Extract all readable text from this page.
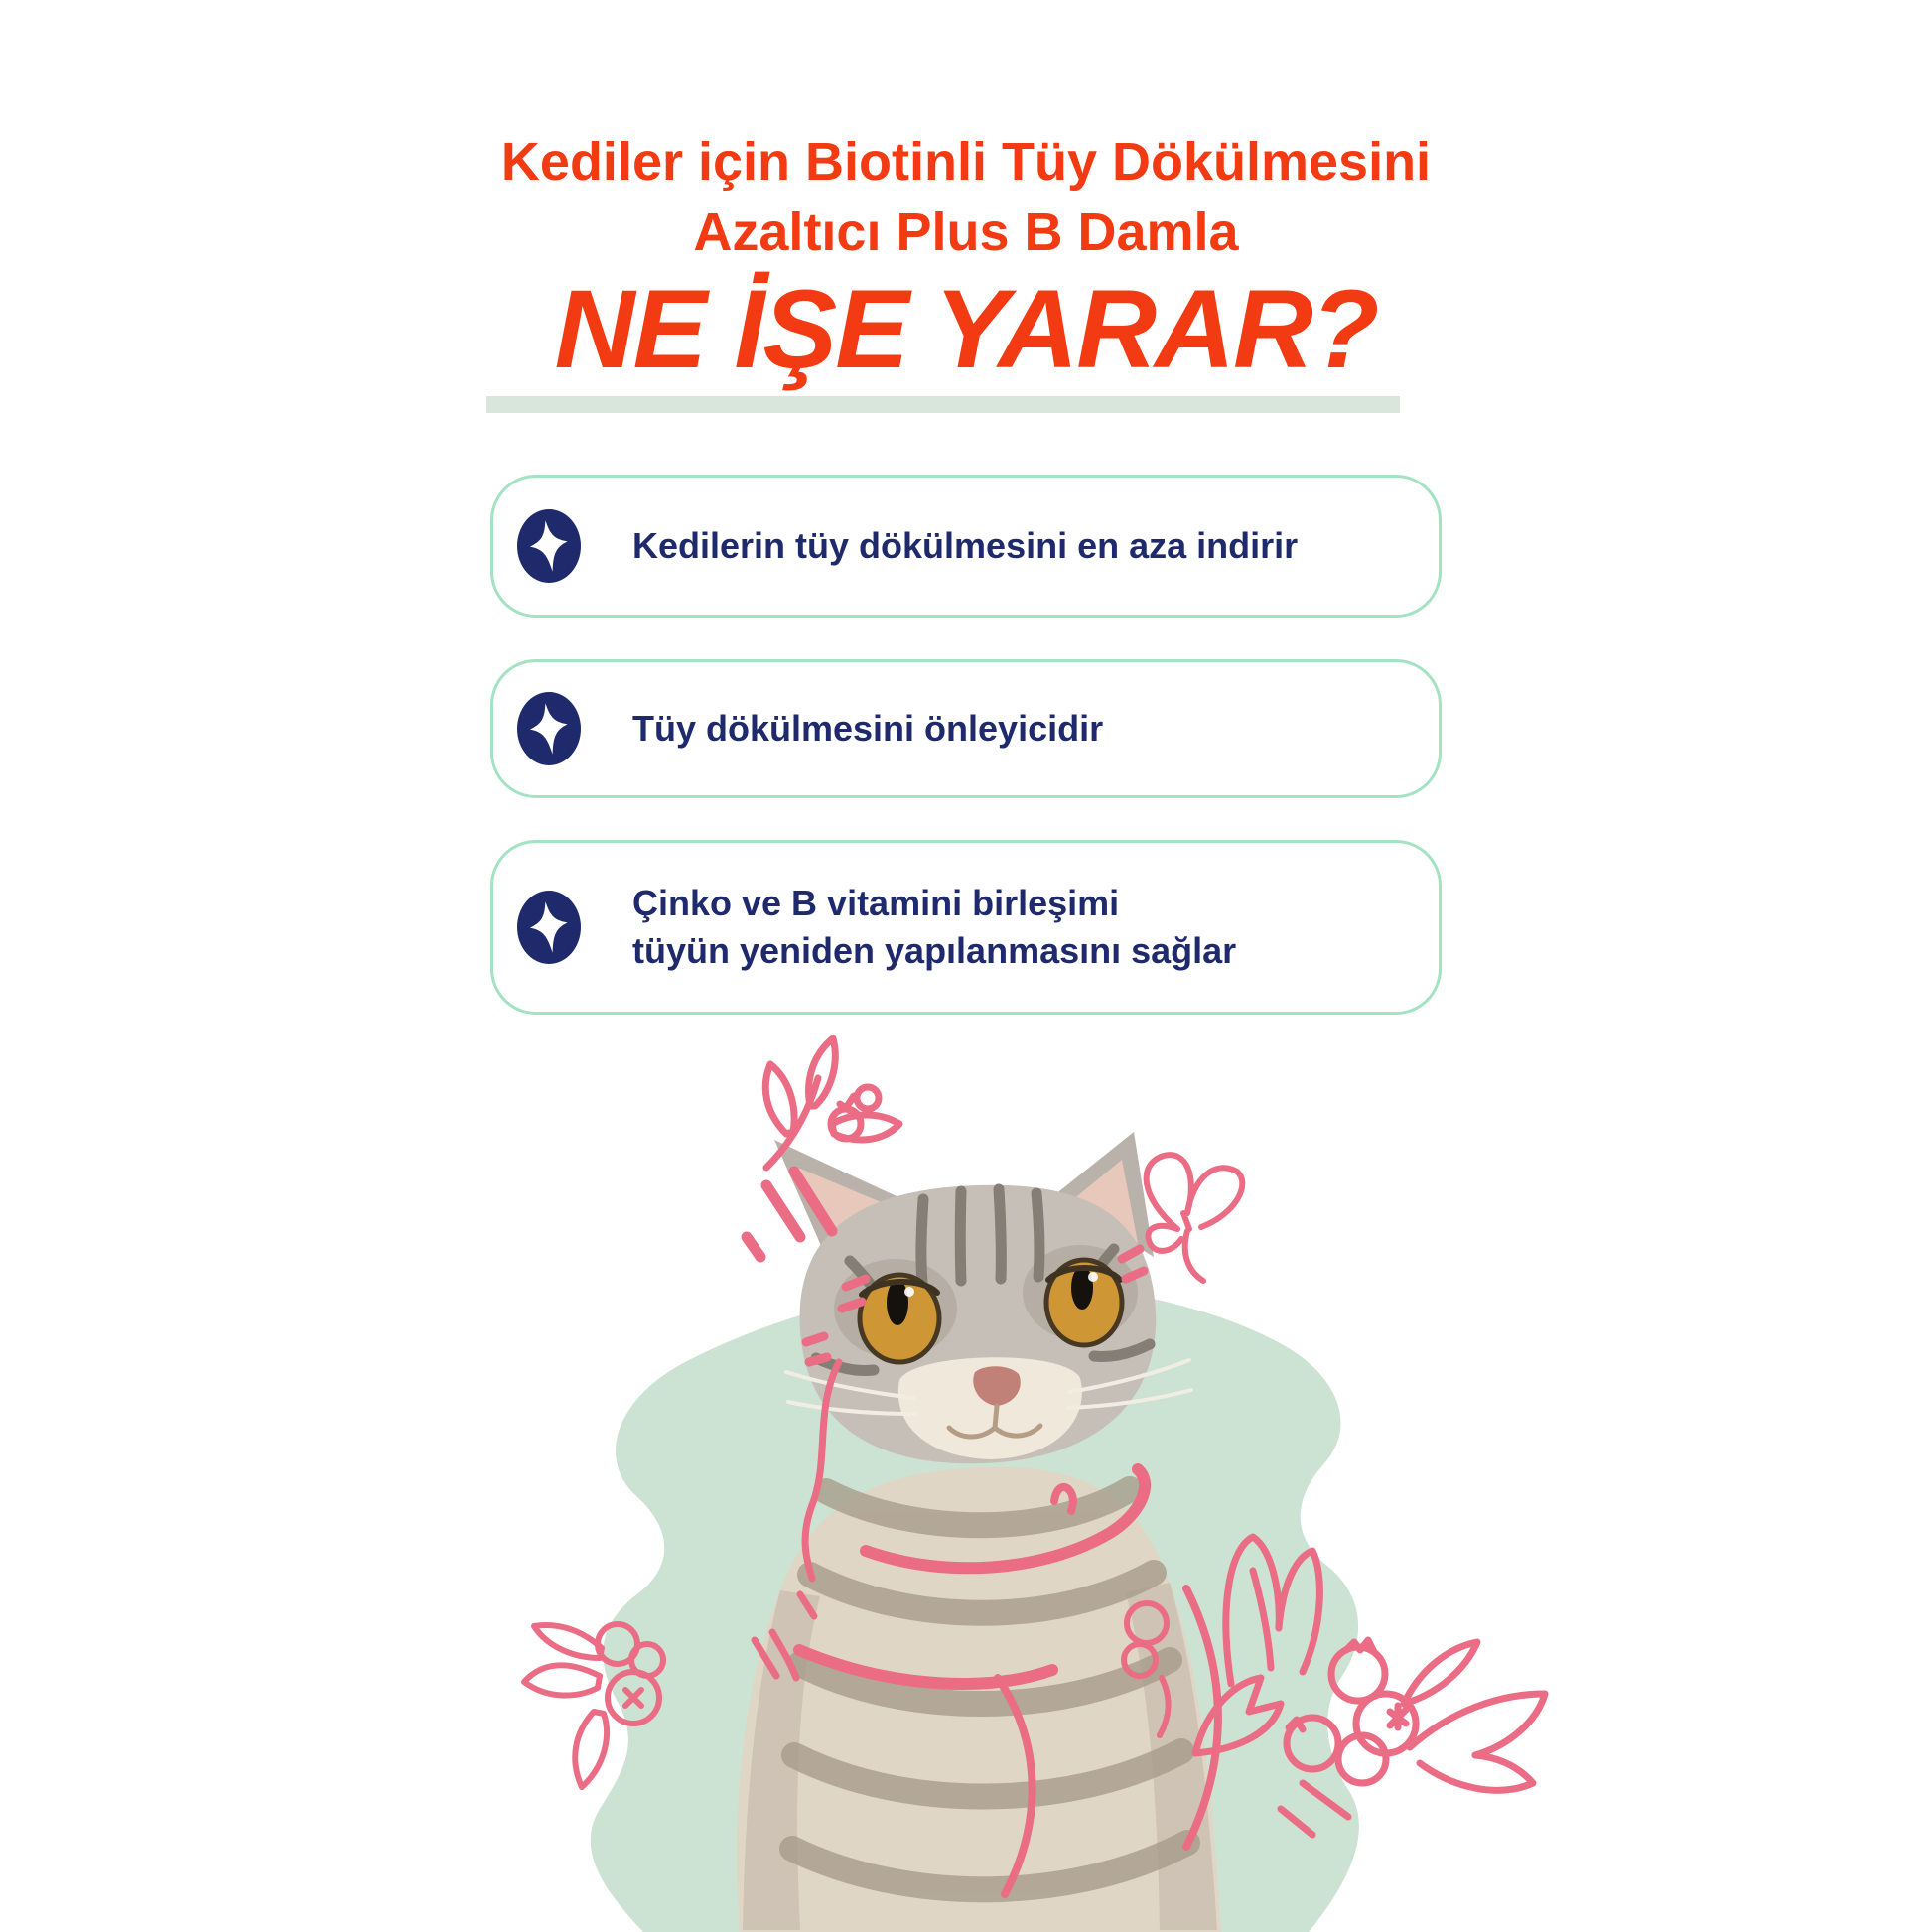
Kediler için Biotinli Tüy Dökülmesini
Azaltıcı Plus B Damla
NE İŞE YARAR?
Kedilerin tüy dökülmesini en aza indirir
Tüy dökülmesini önleyicidir
Çinko ve B vitamini birleşimi
tüyün yeniden yapılanmasını sağlar
